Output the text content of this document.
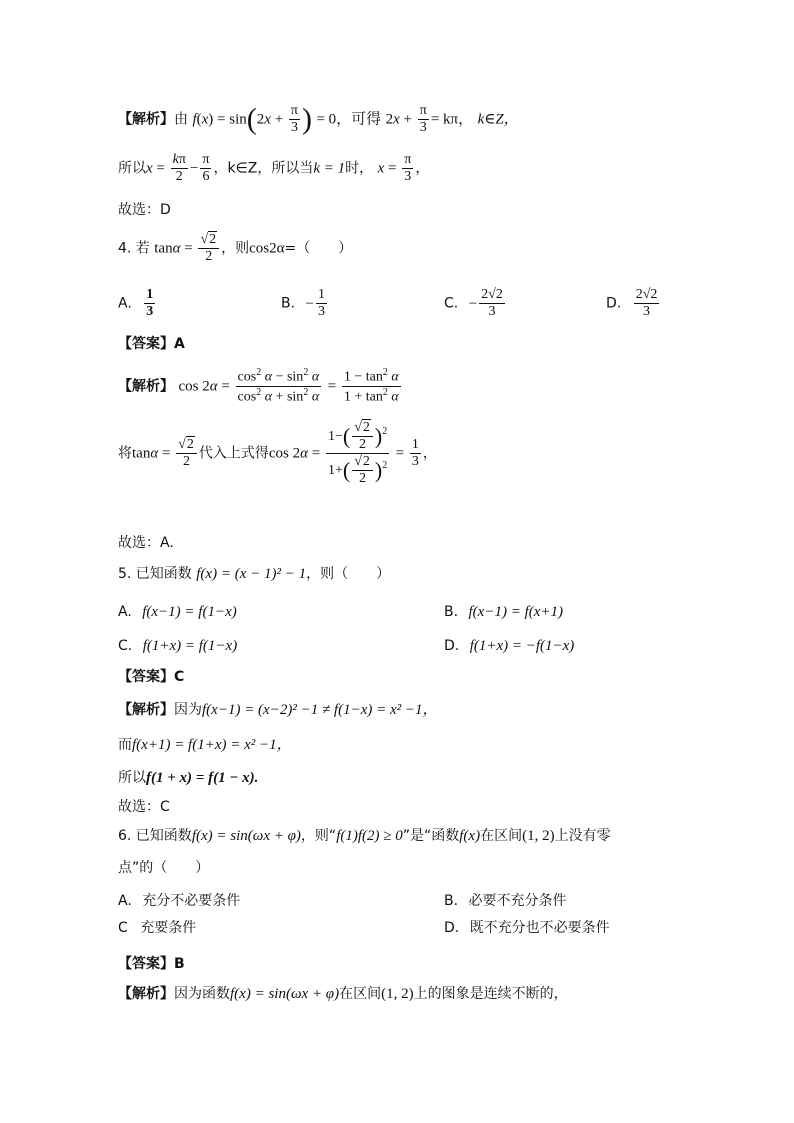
【解析】由 $f(x) = \sin(2x + \frac{\pi}{3}$ ) = 0，可得 $2x + \frac{\pi}{3} = k\pi$， k∈Z，
所以$x = \frac{k\pi}{2} - \frac{\pi}{6}$ ，k∈Z，所以当k = 1时， $x = \frac{\pi}{3}$ ，
故选：D
4. 若 $\tan\alpha = \frac{√2}{2}$ ，则cos2α=（　　）
A. $\frac{1}{3}$	B. − $\frac{1}{3}$	C. − $\frac{2√2}{3}$	D. $\frac{2√2}{3}$
【答案】A
【解析】 $\cos 2\alpha = \frac{\cos^2 \alpha - \sin^2 \alpha}{\cos^2 \alpha + \sin^2 \alpha} = \frac{1 - \tan^2 \alpha}{1 + \tan^2 \alpha}$
将$\tan\alpha = \frac{√2}{2}$ 代入上式得$\cos 2\alpha = \frac{1-( \frac{√2}{2} )^2}{1+( \frac{√2}{2} )^2} = \frac{1}{3}$ ，
故选：A.
5. 已知函数 f(x) = (x − 1)² − 1，则（　　）
A. f(x−1) = f(1−x)	B. f(x−1) = f(x+1)
C. f(1+x) = f(1−x)	D. f(1+x) = −f(1−x)
【答案】C
【解析】因为f(x−1) = (x−2)² −1 ≠ f(1−x) = x² −1，
而f(x+1) = f(1+x) = x² −1，
所以f(1 + x) = f(1 − x).
故选：C
6. 已知函数f(x) = sin(ωx + φ)，则“f(1)f(2) ≥ 0”是“函数f(x)在区间(1, 2)上没有零
点”的（　　）
A. 充分不必要条件	B. 必要不充分条件
C 充要条件	D. 既不充分也不必要条件
【答案】B
【解析】因为函数f(x) = sin(ωx + φ)在区间(1, 2)上的图象是连续不断的，
